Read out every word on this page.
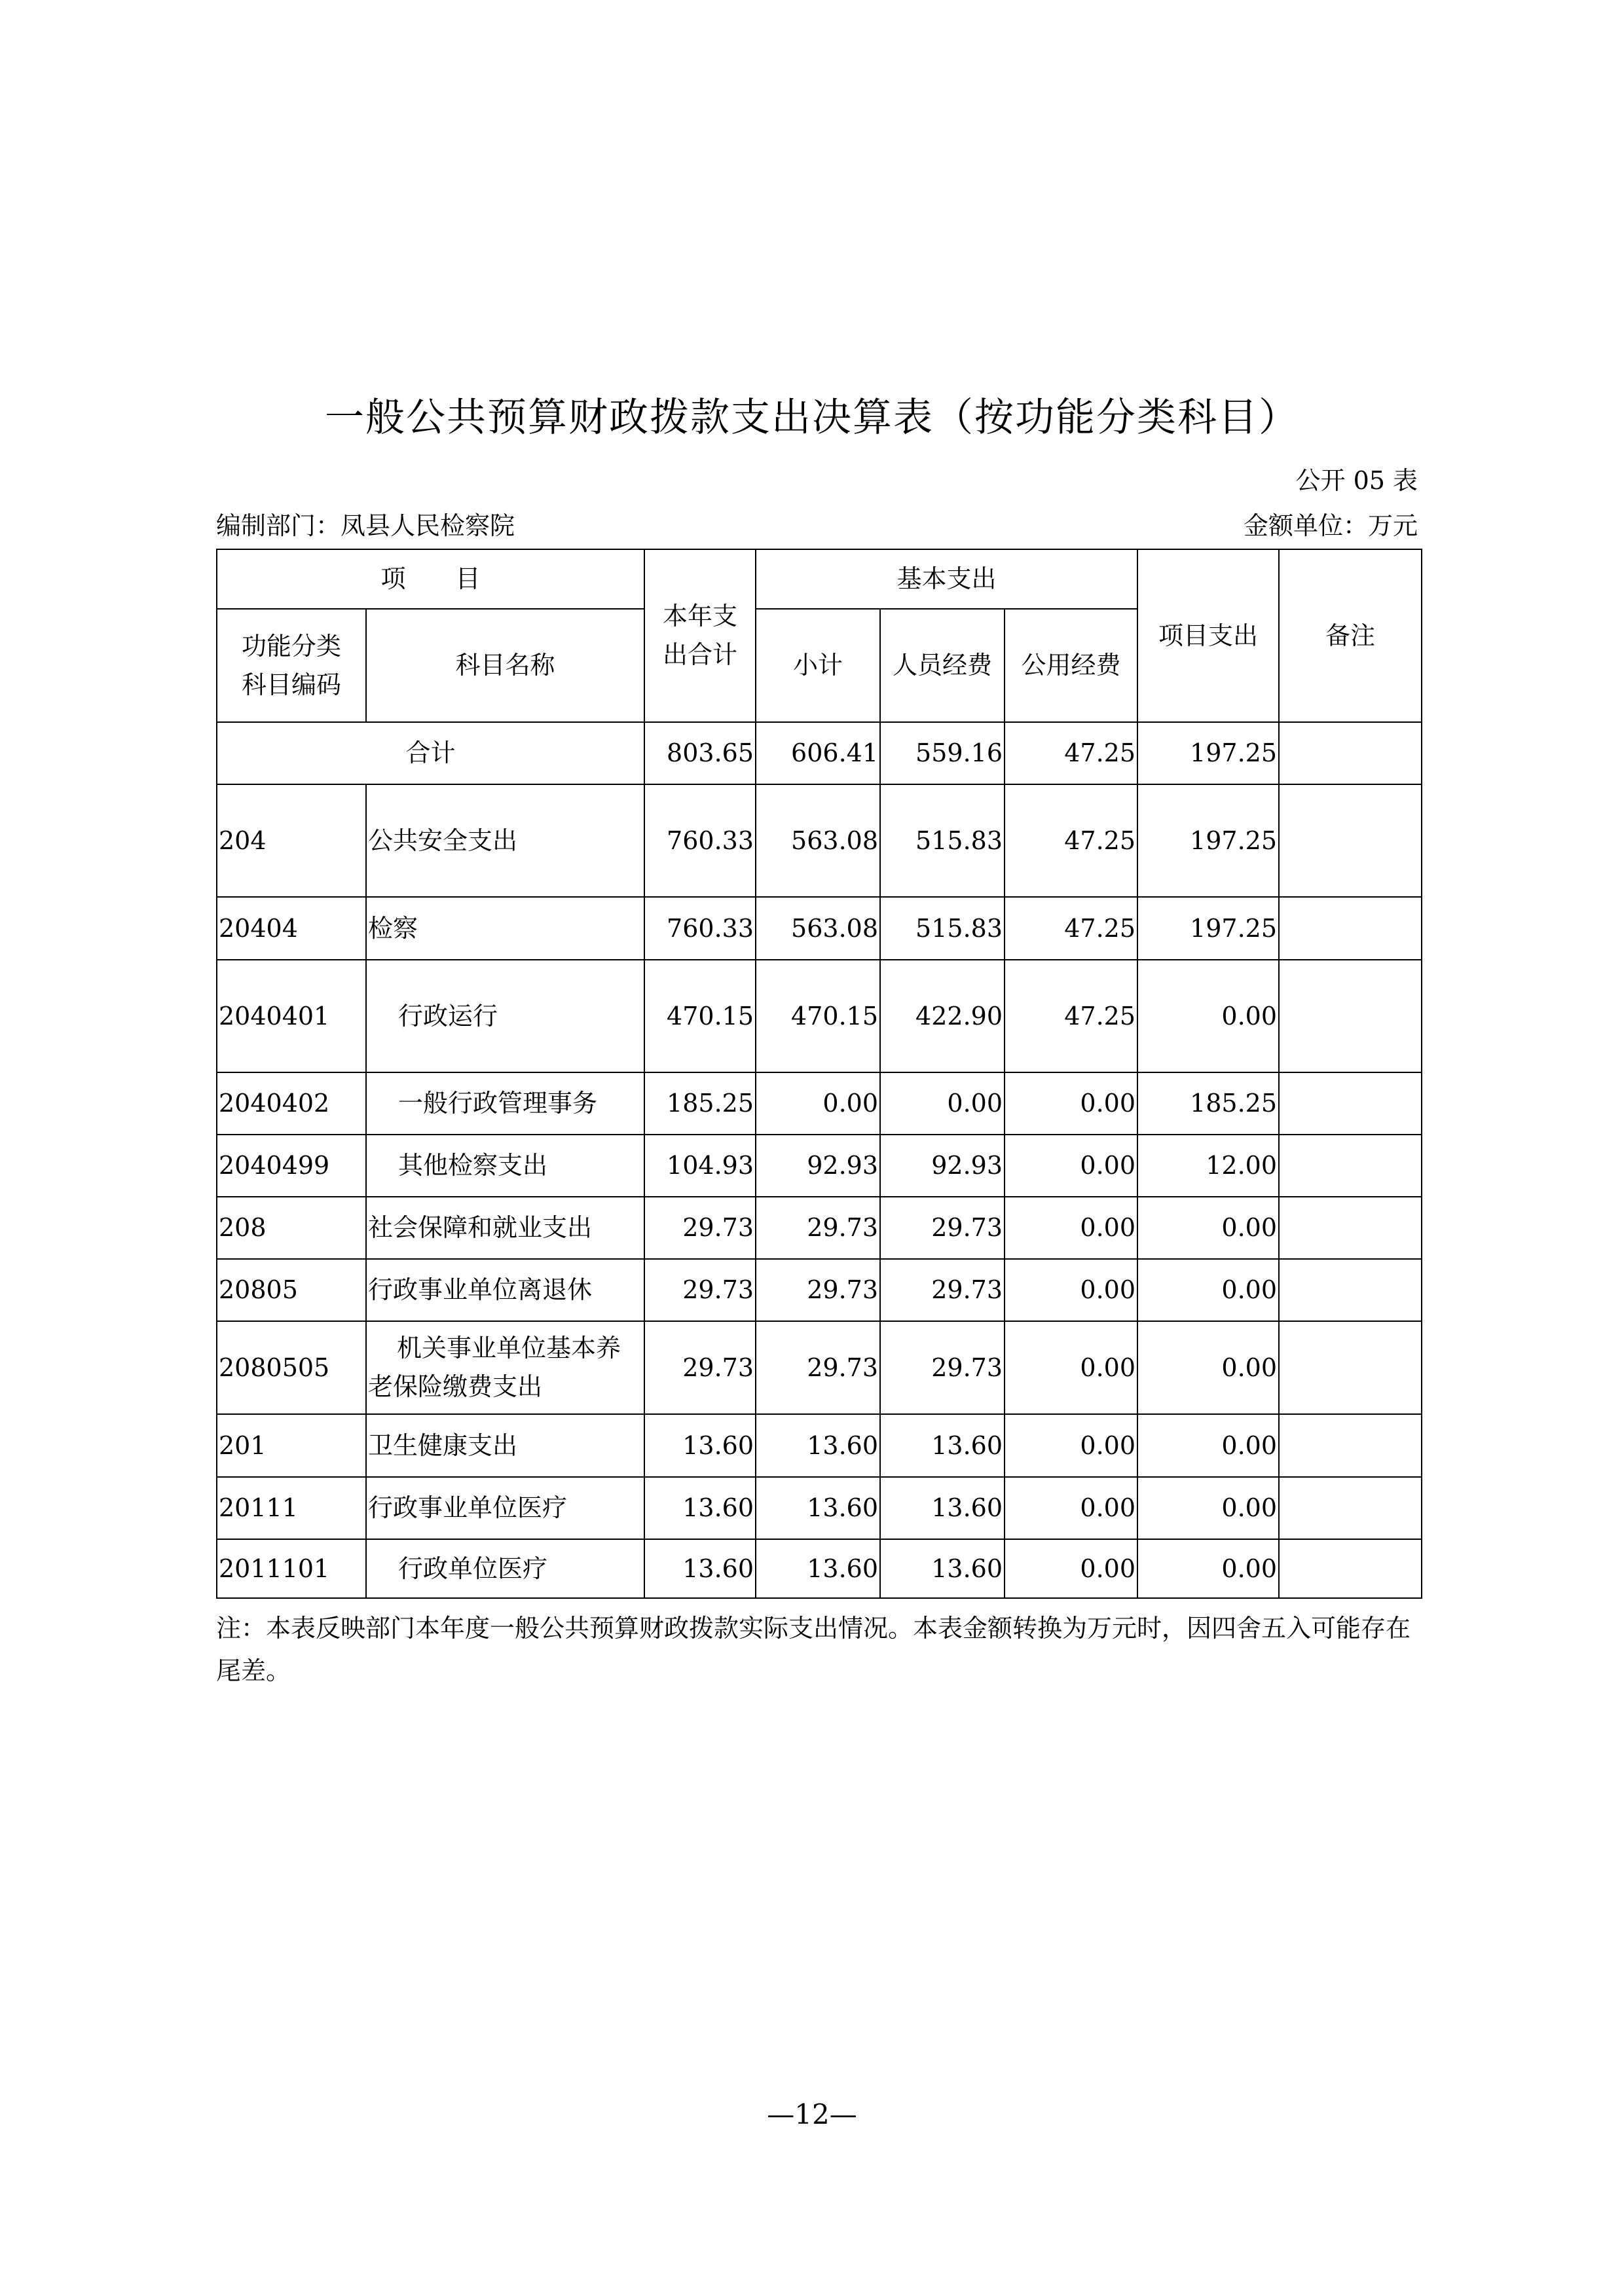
一般公共预算财政拨款支出决算表（按功能分类科目）
公开 05 表
编制部门：凤县人民检察院	金额单位：万元
项　　目		本年支出合计	基本支出			项目支出	备注
功能分类科目编码	科目名称		小计	人员经费	公用经费		
合计		803.65	606.41	559.16	47.25	197.25	
204	公共安全支出	760.33	563.08	515.83	47.25	197.25	
20404	检察	760.33	563.08	515.83	47.25	197.25	
2040401	行政运行	470.15	470.15	422.90	47.25	0.00	
2040402	一般行政管理事务	185.25	0.00	0.00	0.00	185.25	
2040499	其他检察支出	104.93	92.93	92.93	0.00	12.00	
208	社会保障和就业支出	29.73	29.73	29.73	0.00	0.00	
20805	行政事业单位离退休	29.73	29.73	29.73	0.00	0.00	
2080505	机关事业单位基本养老保险缴费支出	29.73	29.73	29.73	0.00	0.00	
201	卫生健康支出	13.60	13.60	13.60	0.00	0.00	
20111	行政事业单位医疗	13.60	13.60	13.60	0.00	0.00	
2011101	行政单位医疗	13.60	13.60	13.60	0.00	0.00	
注：本表反映部门本年度一般公共预算财政拨款实际支出情况。本表金额转换为万元时，因四舍五入可能存在尾差。
—12—
